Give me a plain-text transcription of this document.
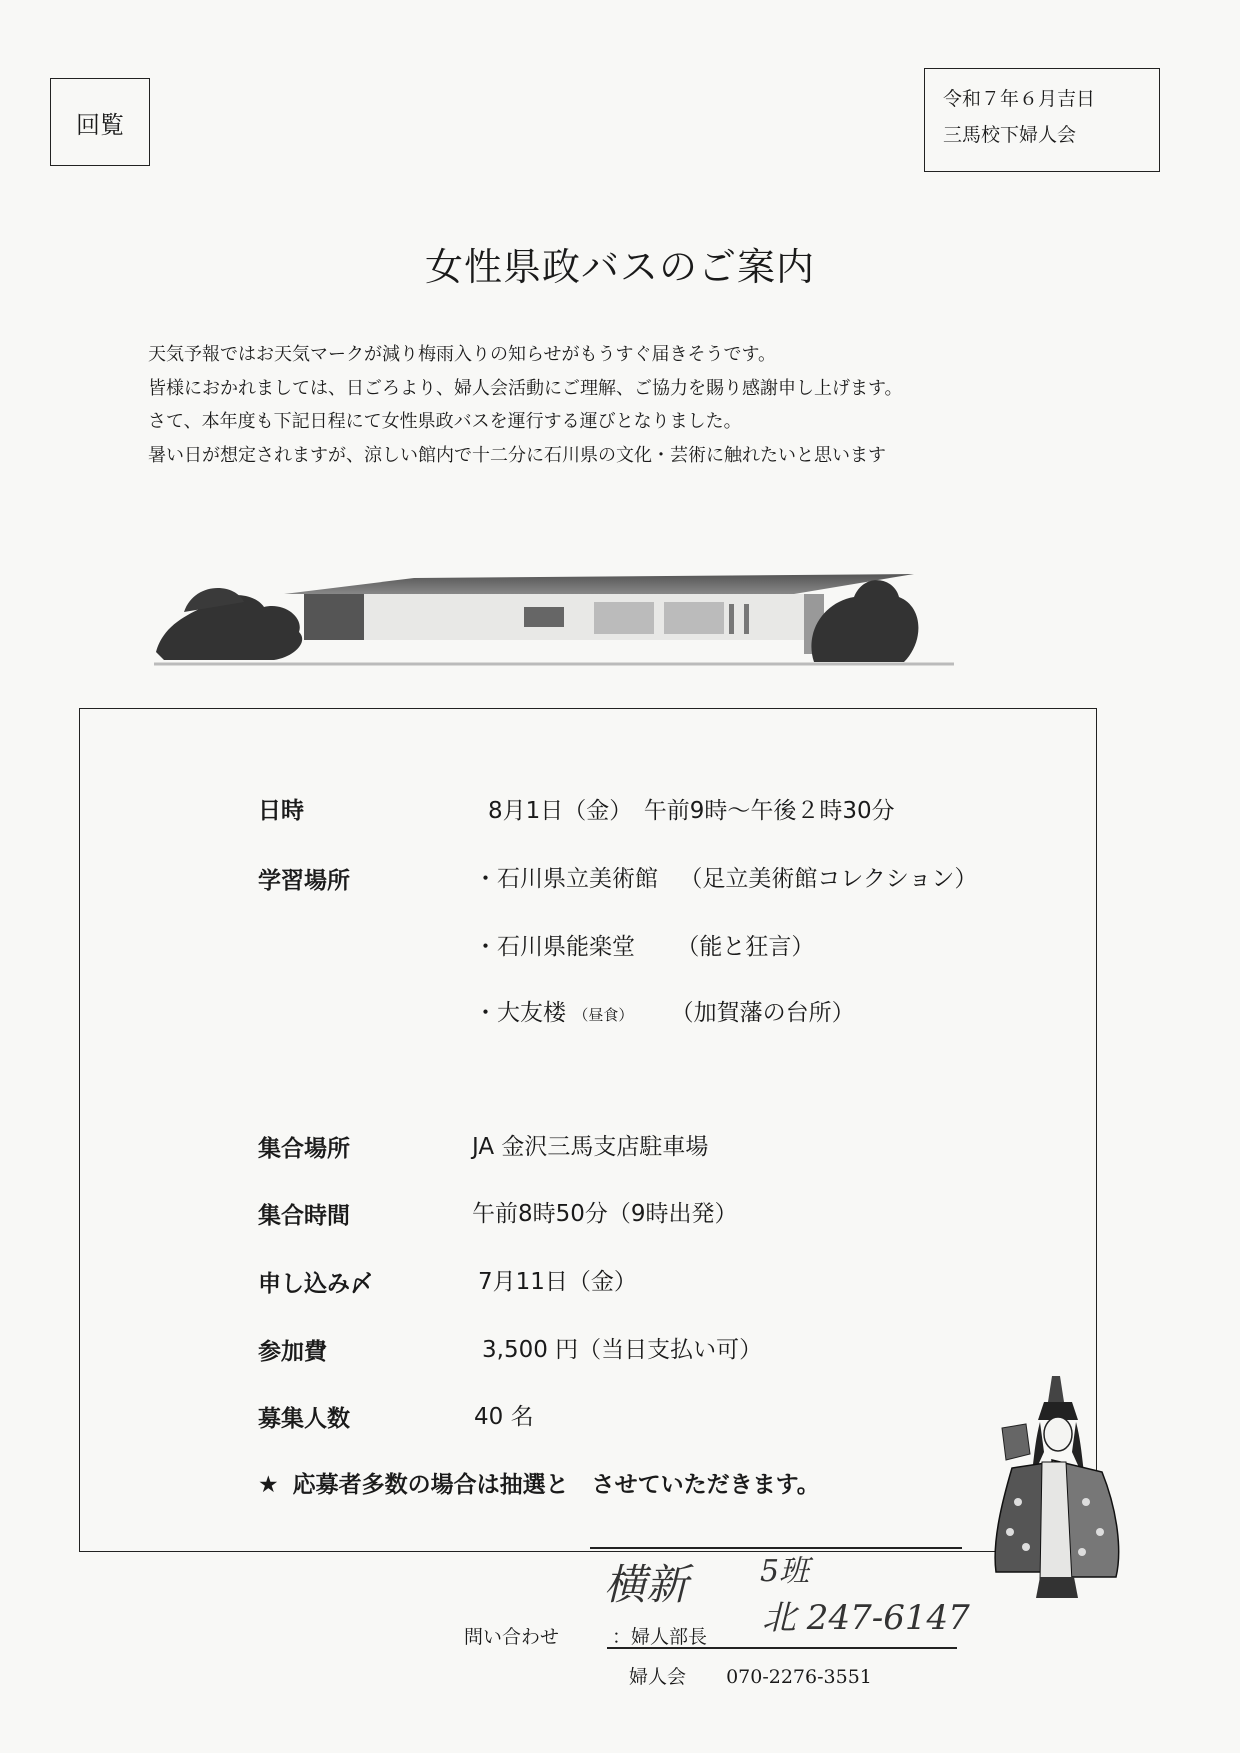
回覧
令和７年６月吉日
三馬校下婦人会
女性県政バスのご案内

天気予報ではお天気マークが減り梅雨入りの知らせがもうすぐ届きそうです。

皆様におかれましては、日ごろより、婦人会活動にご理解、ご協力を賜り感謝申し上げます。

さて、本年度も下記日程にて女性県政バスを運行する運びとなりました。

暑い日が想定されますが、涼しい館内で十二分に石川県の文化・芸術に触れたいと思います

日時	8月1日（金）　午前9時～午後２時30分
学習場所	・石川県立美術館 （足立美術館コレクション）
・石川県能楽堂 （能と狂言）
・大友楼 （昼食） （加賀藩の台所）
集合場所	JA 金沢三馬支店駐車場
集合時間	午前8時50分（9時出発）
申し込み〆	7月11日（金）
参加費	3,500 円（当日支払い可）
募集人数	40 名
★ 応募者多数の場合は抽選と　させていただきます。
横新 5班
北 247-6147
問い合わせ	：婦人部長
婦人会 070-2276-3551
